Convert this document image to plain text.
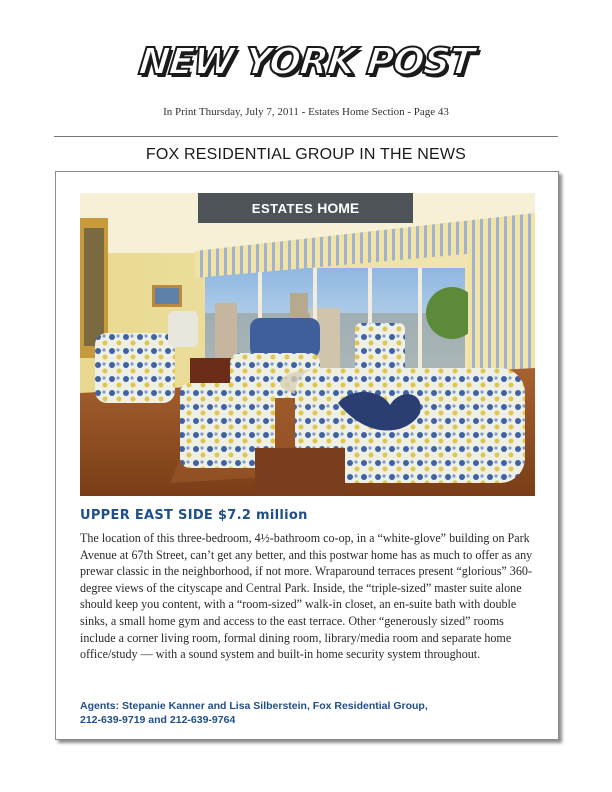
NEW YORK POST
In Print Thursday, July 7, 2011 - Estates Home Section - Page 43
FOX RESIDENTIAL GROUP IN THE NEWS
ESTATES HOME
UPPER EAST SIDE $7.2 million
The location of this three-bedroom, 4½-bathroom co-op, in a “white-glove” building on Park Avenue at 67th Street, can’t get any better, and this postwar home has as much to offer as any prewar classic in the neighborhood, if not more. Wraparound terraces present “glorious” 360-degree views of the cityscape and Central Park. Inside, the “triple-sized” master suite alone should keep you content, with a “room-sized” walk-in closet, an en-suite bath with double sinks, a small home gym and access to the east terrace. Other “generously sized” rooms include a corner living room, formal dining room, library/media room and separate home office/study — with a sound system and built-in home security system throughout.
Agents: Stepanie Kanner and Lisa Silberstein, Fox Residential Group,
212-639-9719 and 212-639-9764
